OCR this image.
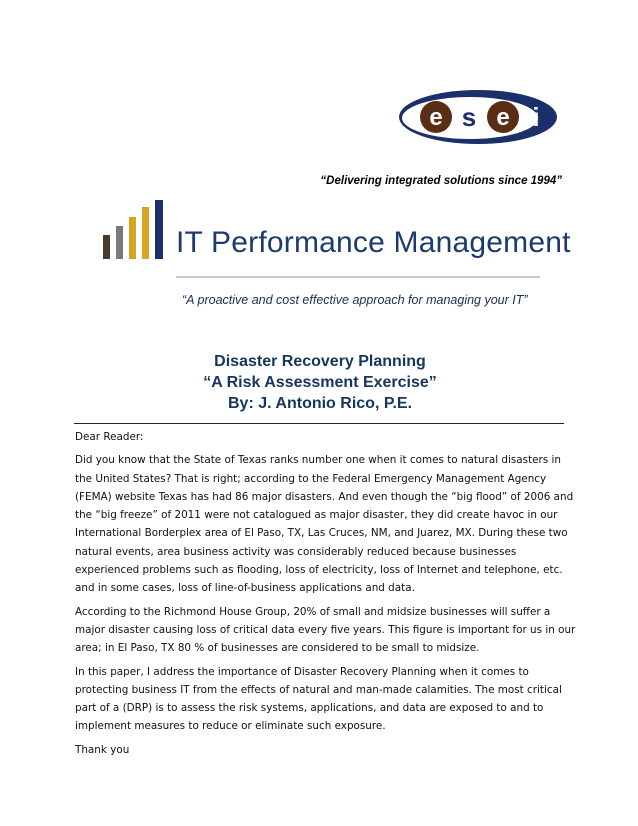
e s e i
“Delivering integrated solutions since 1994”
IT Performance Management
“A proactive and cost effective approach for managing your IT”
Disaster Recovery Planning
“A Risk Assessment Exercise”
By: J. Antonio Rico, P.E.

Dear Reader:

Did you know that the State of Texas ranks number one when it comes to natural disasters in
the United States? That is right; according to the Federal Emergency Management Agency
(FEMA) website Texas has had 86 major disasters. And even though the “big flood” of 2006 and
the “big freeze” of 2011 were not catalogued as major disaster, they did create havoc in our
International Borderplex area of El Paso, TX, Las Cruces, NM, and Juarez, MX. During these two
natural events, area business activity was considerably reduced because businesses
experienced problems such as flooding, loss of electricity, loss of Internet and telephone, etc.
and in some cases, loss of line-of-business applications and data.

According to the Richmond House Group, 20% of small and midsize businesses will suffer a
major disaster causing loss of critical data every five years. This figure is important for us in our
area; in El Paso, TX 80 % of businesses are considered to be small to midsize.

In this paper, I address the importance of Disaster Recovery Planning when it comes to
protecting business IT from the effects of natural and man-made calamities. The most critical
part of a (DRP) is to assess the risk systems, applications, and data are exposed to and to
implement measures to reduce or eliminate such exposure.

Thank you
